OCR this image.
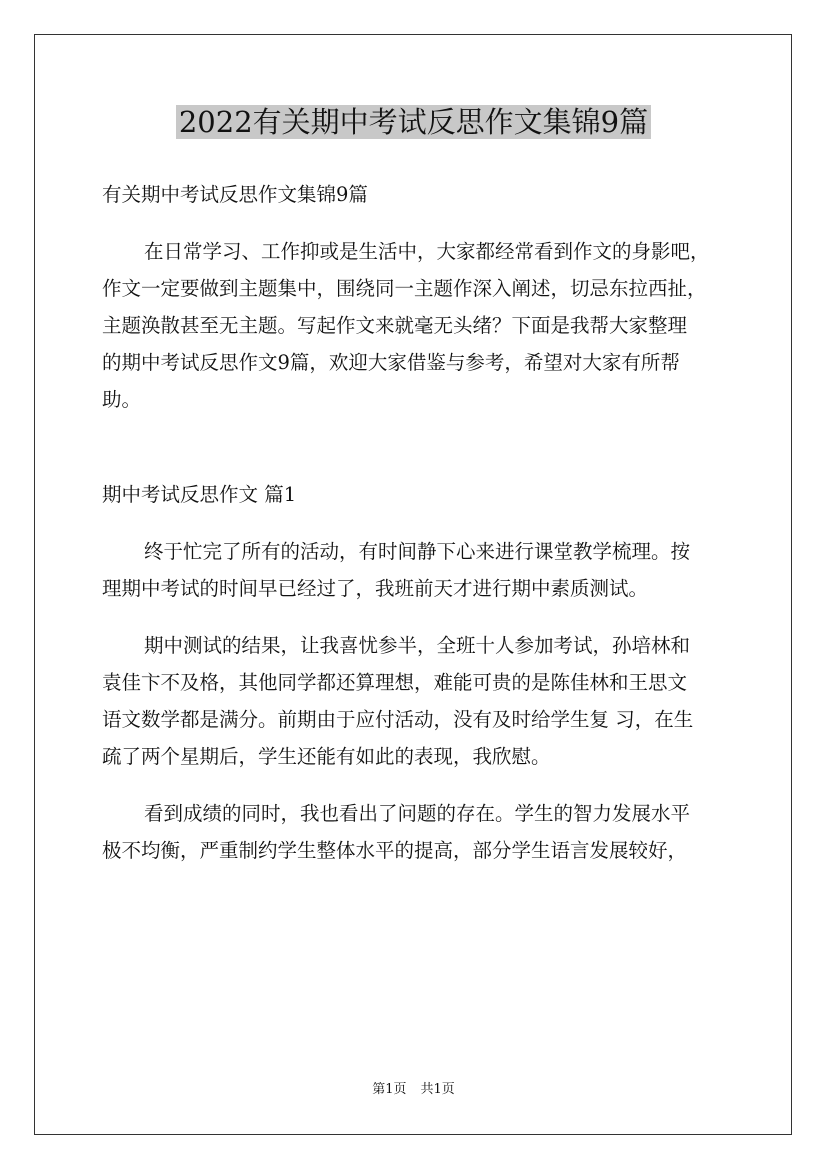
2022有关期中考试反思作文集锦9篇
有关期中考试反思作文集锦9篇
在日常学习、工作抑或是生活中，大家都经常看到作文的身影吧，
作文一定要做到主题集中，围绕同一主题作深入阐述，切忌东拉西扯，
主题涣散甚至无主题。写起作文来就毫无头绪？下面是我帮大家整理
的期中考试反思作文9篇，欢迎大家借鉴与参考，希望对大家有所帮
助。
期中考试反思作文 篇1
终于忙完了所有的活动，有时间静下心来进行课堂教学梳理。按
理期中考试的时间早已经过了，我班前天才进行期中素质测试。
期中测试的结果，让我喜忧参半，全班十人参加考试，孙培林和
袁佳卞不及格，其他同学都还算理想，难能可贵的是陈佳林和王思文
语文数学都是满分。前期由于应付活动，没有及时给学生复 习，在生
疏了两个星期后，学生还能有如此的表现，我欣慰。
看到成绩的同时，我也看出了问题的存在。学生的智力发展水平
极不均衡，严重制约学生整体水平的提高，部分学生语言发展较好，
第1页 共1页
